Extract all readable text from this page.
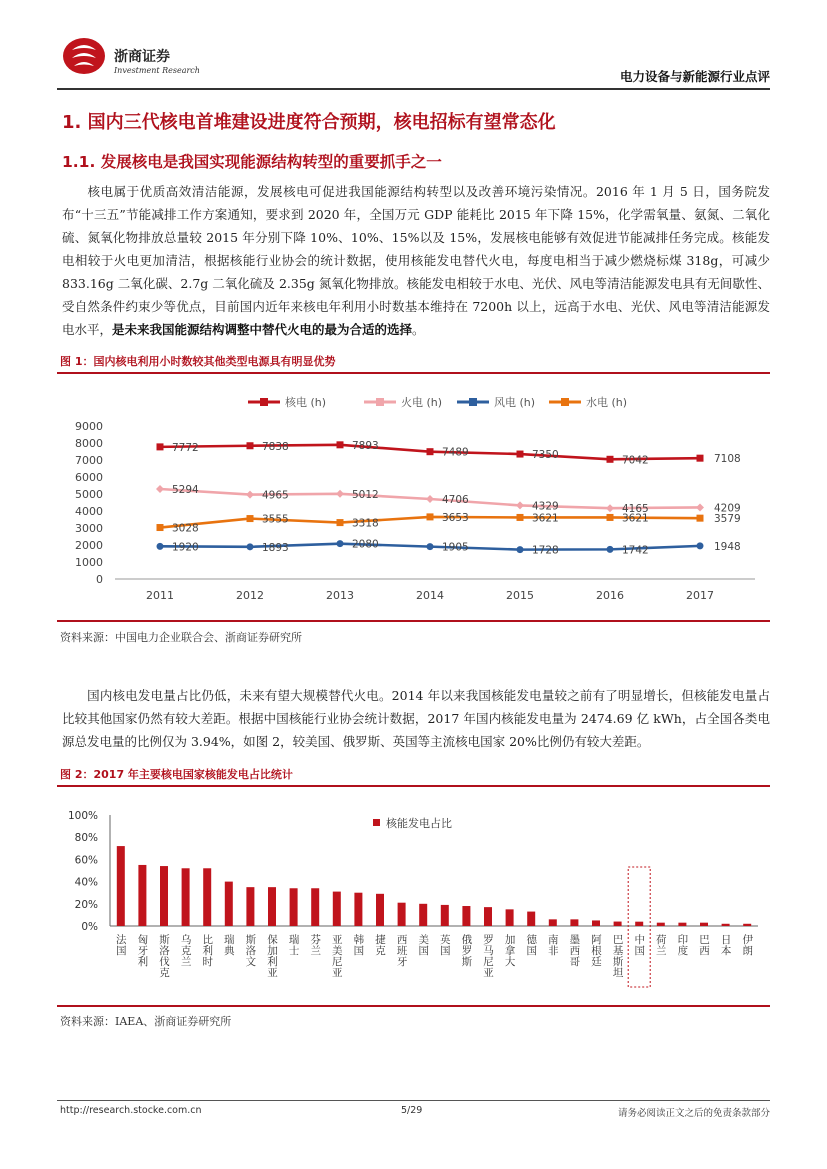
浙商证券
Investment Research	电力设备与新能源行业点评
1. 国内三代核电首堆建设进度符合预期，核电招标有望常态化
1.1. 发展核电是我国实现能源结构转型的重要抓手之一
核电属于优质高效清洁能源，发展核电可促进我国能源结构转型以及改善环境污染情况。2016 年 1 月 5 日，国务院发布“十三五”节能减排工作方案通知，要求到 2020 年，全国万元 GDP 能耗比 2015 年下降 15%，化学需氧量、氨氮、二氧化硫、氮氧化物排放总量较 2015 年分别下降 10%、10%、15%以及 15%，发展核电能够有效促进节能减排任务完成。核能发电相较于火电更加清洁，根据核能行业协会的统计数据，使用核能发电替代火电，每度电相当于减少燃烧标煤 318g，可减少 833.16g 二氧化碳、2.7g 二氧化硫及 2.35g 氮氧化物排放。核能发电相较于水电、光伏、风电等清洁能源发电具有无间歇性、受自然条件约束少等优点，目前国内近年来核电年利用小时数基本维持在 7200h 以上，远高于水电、光伏、风电等清洁能源发电水平，是未来我国能源结构调整中替代火电的最为合适的选择。
图 1：国内核电利用小时数较其他类型电源具有明显优势
核电 (h)	火电 (h)	风电 (h)	水电 (h)
0
1000
2000
3000
4000
5000
6000
7000
8000
9000
2011	2012	2013	2014	2015	2016	2017
7772	7838	7893
7489	7350	7042	7108
5294	4965	5012	4706
4329	4165	4209
1920	1893	2080	1905	1728	1742	1948
3028
3555	3318	3653	3621	3621	3579
资料来源：中国电力企业联合会、浙商证券研究所
国内核电发电量占比仍低，未来有望大规模替代火电。2014 年以来我国核能发电量较之前有了明显增长，但核能发电量占比较其他国家仍然有较大差距。根据中国核能行业协会统计数据，2017 年国内核能发电量为 2474.69 亿 kWh，占全国各类电源总发电量的比例仅为 3.94%，如图 2，较美国、俄罗斯、英国等主流核电国家 20%比例仍有较大差距。
图 2：2017 年主要核电国家核能发电占比统计
核能发电占比
0%
20%
40%
60%
80%
100%
法国 匈牙利 斯洛伐克 乌克兰 比利时 瑞典 斯洛文 保加利亚 瑞士 芬兰 亚美尼亚 韩国 捷克 西班牙 美国 英国 俄罗斯 罗马尼亚 加拿大 德国 南非 墨西哥 阿根廷 巴基斯坦 中国 荷兰 印度 巴西 日本 伊朗
资料来源：IAEA、浙商证券研究所
http://research.stocke.com.cn	5/29	请务必阅读正文之后的免责条款部分
